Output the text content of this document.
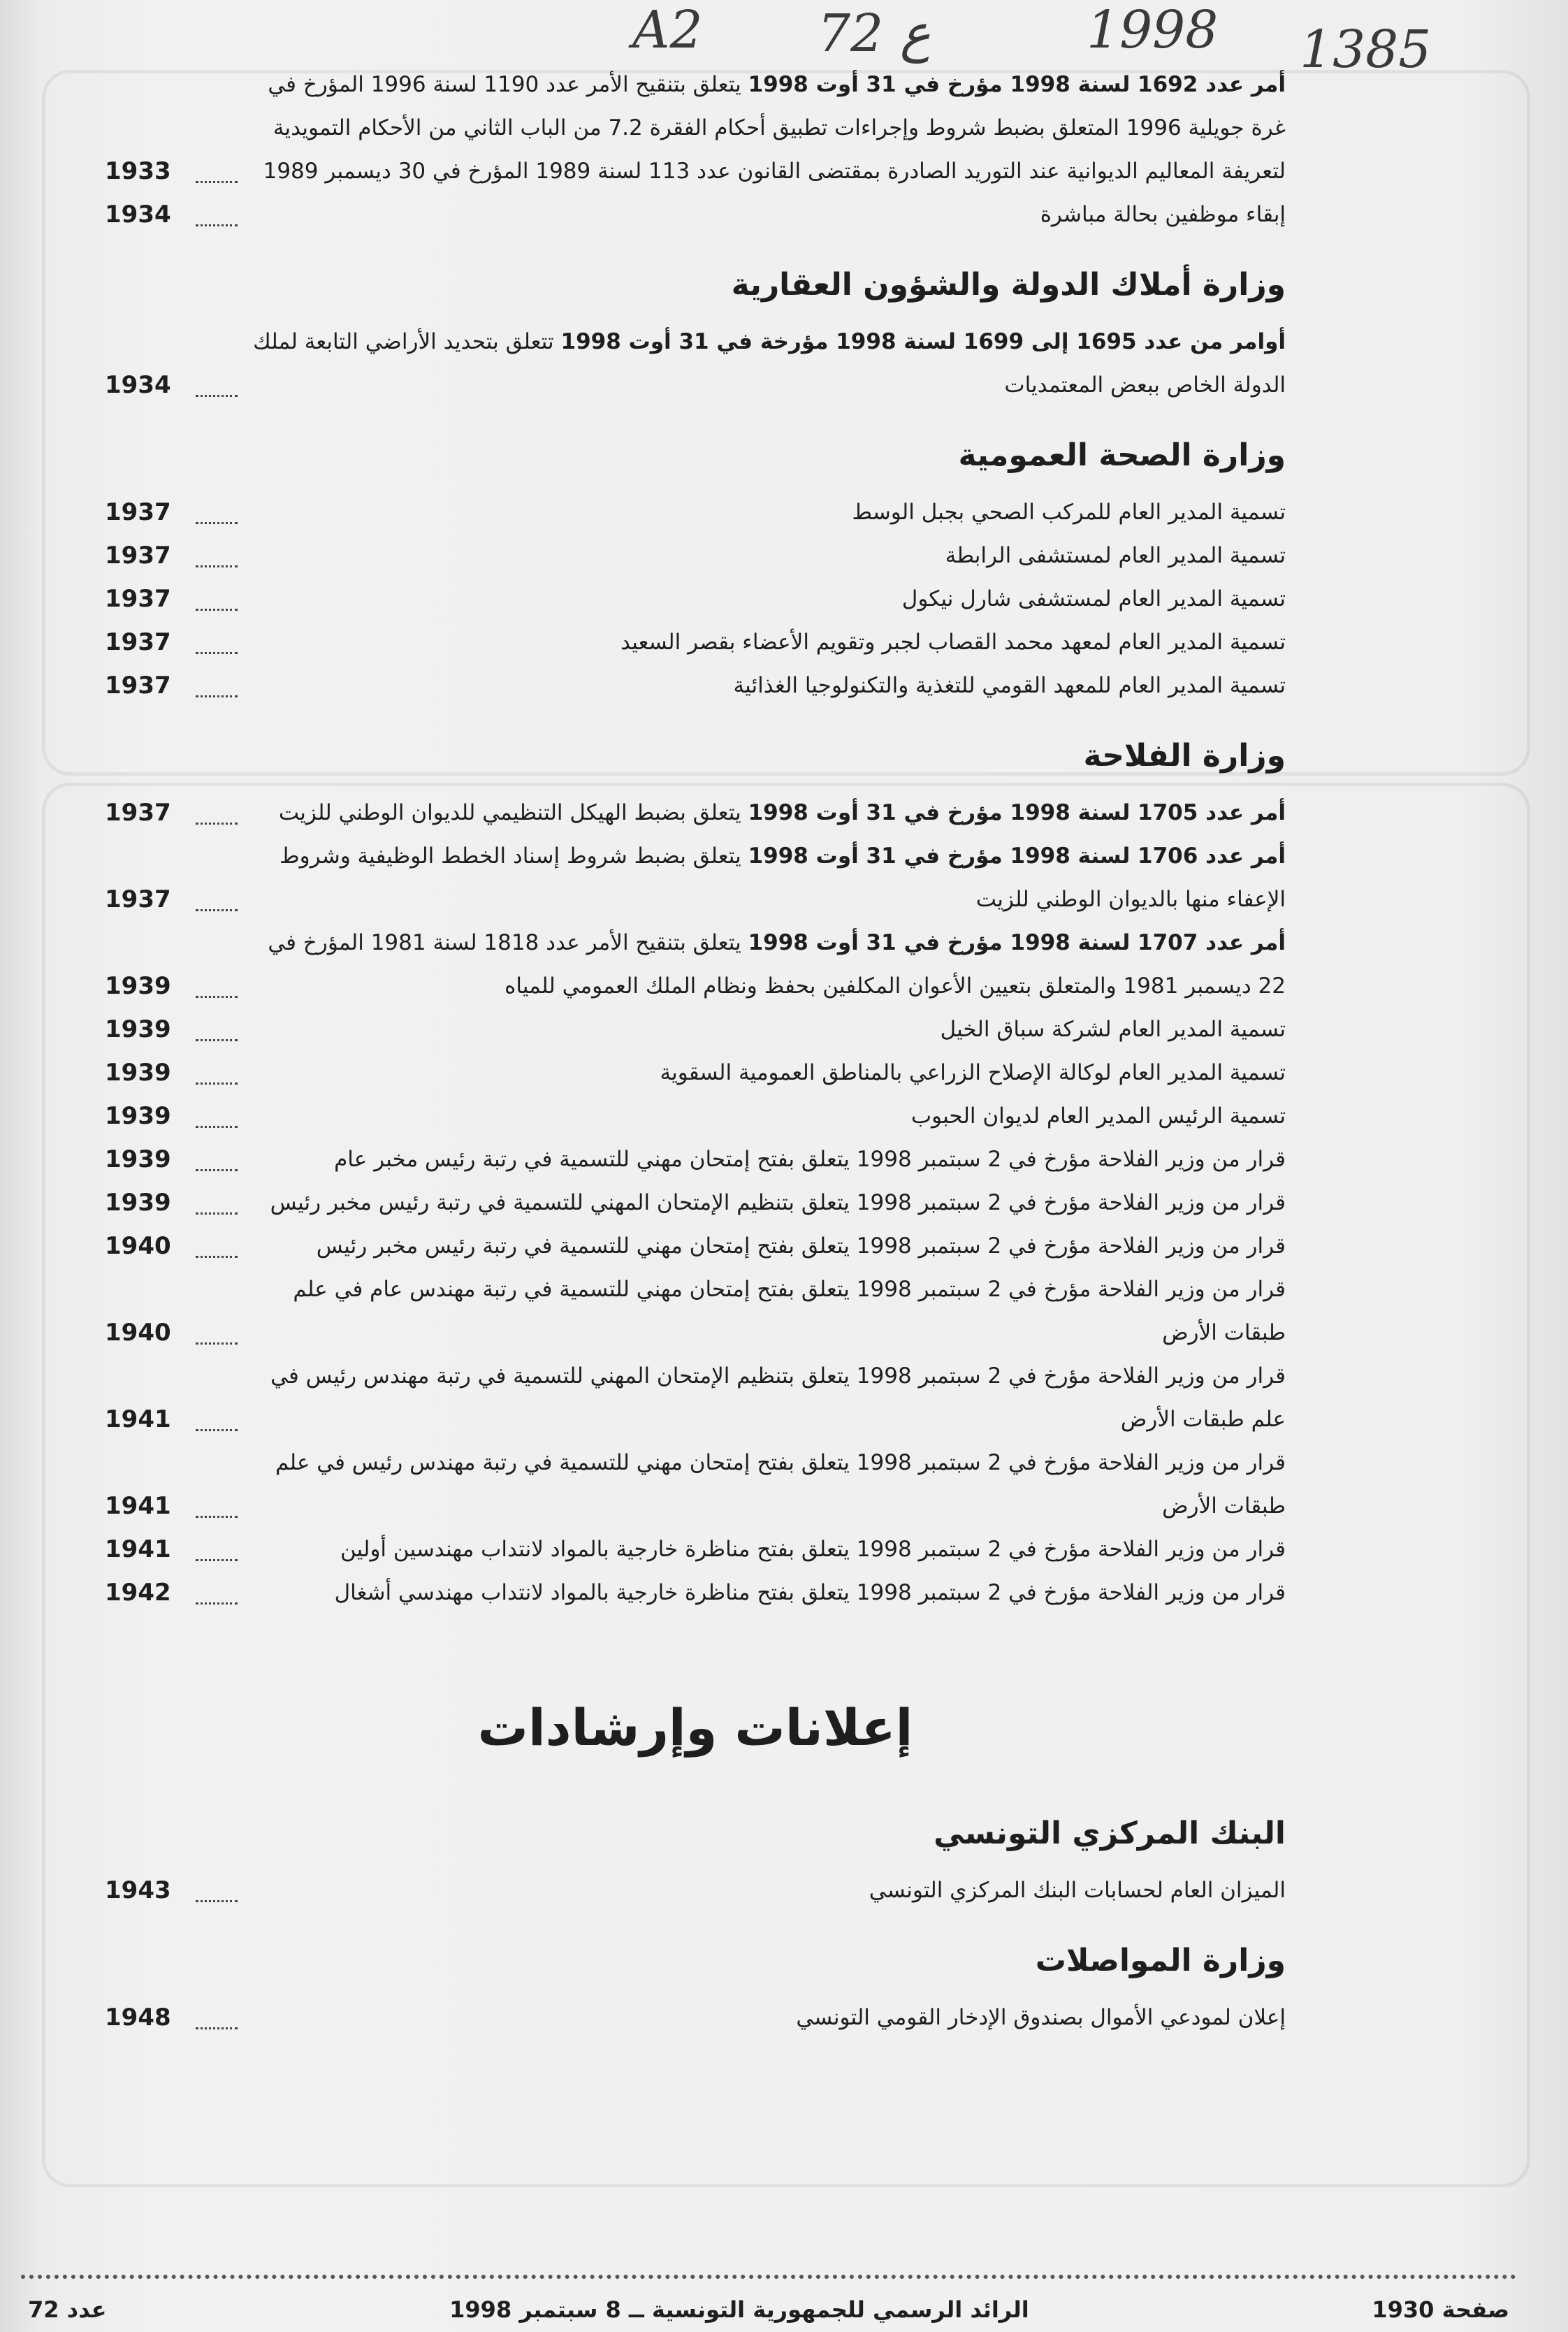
A2 72 ع	1998 1385
أمر عدد 1692 لسنة 1998 مؤرخ في 31 أوت 1998 يتعلق بتنقيح الأمر عدد 1190 لسنة 1996 المؤرخ في غرة جويلية 1996 المتعلق بضبط شروط وإجراءات تطبيق أحكام الفقرة 7.2 من الباب الثاني من الأحكام التمويدية لتعريفة المعاليم الديوانية عند التوريد الصادرة بمقتضى القانون عدد 113 لسنة 1989 المؤرخ في 30 ديسمبر 1989
1933
إبقاء موظفين بحالة مباشرة
1934
وزارة أملاك الدولة والشؤون العقارية
أوامر من عدد 1695 إلى 1699 لسنة 1998 مؤرخة في 31 أوت 1998 تتعلق بتحديد الأراضي التابعة لملك الدولة الخاص ببعض المعتمديات
1934
وزارة الصحة العمومية
تسمية المدير العام للمركب الصحي بجبل الوسط
1937
تسمية المدير العام لمستشفى الرابطة
1937
تسمية المدير العام لمستشفى شارل نيكول
1937
تسمية المدير العام لمعهد محمد القصاب لجبر وتقويم الأعضاء بقصر السعيد
1937
تسمية المدير العام للمعهد القومي للتغذية والتكنولوجيا الغذائية
1937
وزارة الفلاحة
أمر عدد 1705 لسنة 1998 مؤرخ في 31 أوت 1998 يتعلق بضبط الهيكل التنظيمي للديوان الوطني للزيت
1937
أمر عدد 1706 لسنة 1998 مؤرخ في 31 أوت 1998 يتعلق بضبط شروط إسناد الخطط الوظيفية وشروط الإعفاء منها بالديوان الوطني للزيت
1937
أمر عدد 1707 لسنة 1998 مؤرخ في 31 أوت 1998 يتعلق بتنقيح الأمر عدد 1818 لسنة 1981 المؤرخ في 22 ديسمبر 1981 والمتعلق بتعيين الأعوان المكلفين بحفظ ونظام الملك العمومي للمياه
1939
تسمية المدير العام لشركة سباق الخيل
1939
تسمية المدير العام لوكالة الإصلاح الزراعي بالمناطق العمومية السقوية
1939
تسمية الرئيس المدير العام لديوان الحبوب
1939
قرار من وزير الفلاحة مؤرخ في 2 سبتمبر 1998 يتعلق بفتح إمتحان مهني للتسمية في رتبة رئيس مخبر عام
1939
قرار من وزير الفلاحة مؤرخ في 2 سبتمبر 1998 يتعلق بتنظيم الإمتحان المهني للتسمية في رتبة رئيس مخبر رئيس
1939
قرار من وزير الفلاحة مؤرخ في 2 سبتمبر 1998 يتعلق بفتح إمتحان مهني للتسمية في رتبة رئيس مخبر رئيس
1940
قرار من وزير الفلاحة مؤرخ في 2 سبتمبر 1998 يتعلق بفتح إمتحان مهني للتسمية في رتبة مهندس عام في علم طبقات الأرض
1940
قرار من وزير الفلاحة مؤرخ في 2 سبتمبر 1998 يتعلق بتنظيم الإمتحان المهني للتسمية في رتبة مهندس رئيس في علم طبقات الأرض
1941
قرار من وزير الفلاحة مؤرخ في 2 سبتمبر 1998 يتعلق بفتح إمتحان مهني للتسمية في رتبة مهندس رئيس في علم طبقات الأرض
1941
قرار من وزير الفلاحة مؤرخ في 2 سبتمبر 1998 يتعلق بفتح مناظرة خارجية بالمواد لانتداب مهندسين أولين
1941
قرار من وزير الفلاحة مؤرخ في 2 سبتمبر 1998 يتعلق بفتح مناظرة خارجية بالمواد لانتداب مهندسي أشغال
1942
إعلانات وإرشادات
البنك المركزي التونسي
الميزان العام لحسابات البنك المركزي التونسي
1943
وزارة المواصلات
إعلان لمودعي الأموال بصندوق الإدخار القومي التونسي
1948
صفحة 1930
الرائد الرسمي للجمهورية التونسية ــ 8 سبتمبر 1998
عدد 72
